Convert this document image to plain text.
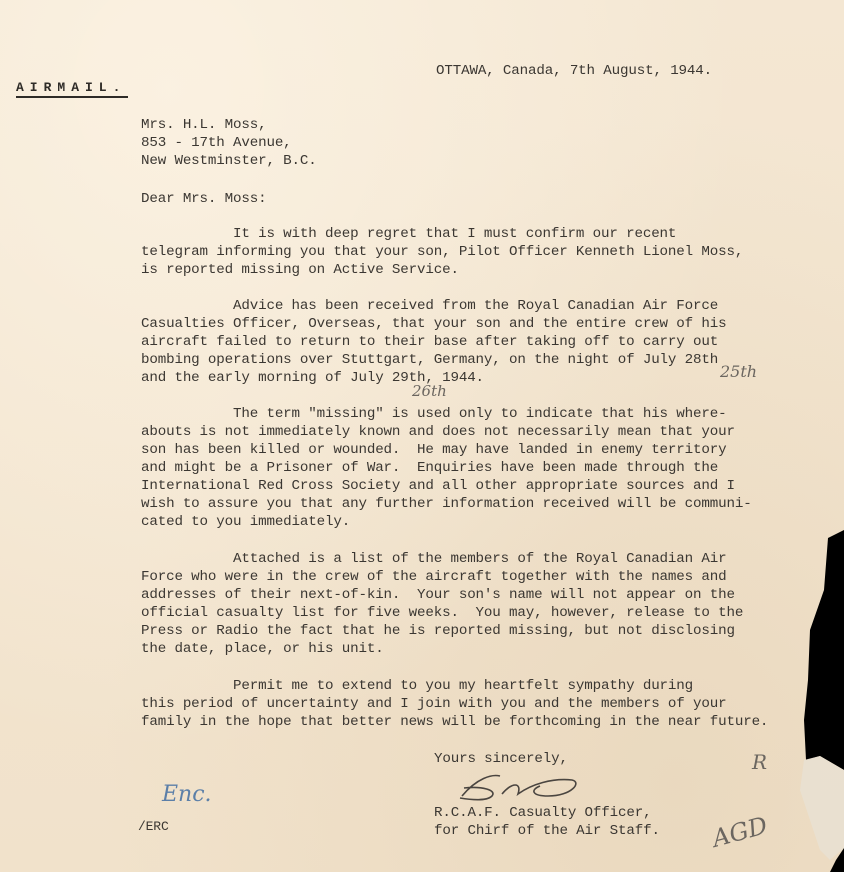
AIRMAIL.
OTTAWA, Canada, 7th August, 1944.
Mrs. H.L. Moss,
853 - 17th Avenue,
New Westminster, B.C.
Dear Mrs. Moss:
It is with deep regret that I must confirm our recent
telegram informing you that your son, Pilot Officer Kenneth Lionel Moss,
is reported missing on Active Service.
Advice has been received from the Royal Canadian Air Force
Casualties Officer, Overseas, that your son and the entire crew of his
aircraft failed to return to their base after taking off to carry out
bombing operations over Stuttgart, Germany, on the night of July 28th
and the early morning of July 29th, 1944.	25th
26th
The term "missing" is used only to indicate that his where-
abouts is not immediately known and does not necessarily mean that your
son has been killed or wounded.  He may have landed in enemy territory
and might be a Prisoner of War.  Enquiries have been made through the
International Red Cross Society and all other appropriate sources and I
wish to assure you that any further information received will be communi-
cated to you immediately.
Attached is a list of the members of the Royal Canadian Air
Force who were in the crew of the aircraft together with the names and
addresses of their next-of-kin.  Your son's name will not appear on the
official casualty list for five weeks.  You may, however, release to the
Press or Radio the fact that he is reported missing, but not disclosing
the date, place, or his unit.
Permit me to extend to you my heartfelt sympathy during
this period of uncertainty and I join with you and the members of your
family in the hope that better news will be forthcoming in the near future.
Yours sincerely,
R.C.A.F. Casualty Officer,
for Chirf of the Air Staff.
/ERC
Enc.
R
AGD
